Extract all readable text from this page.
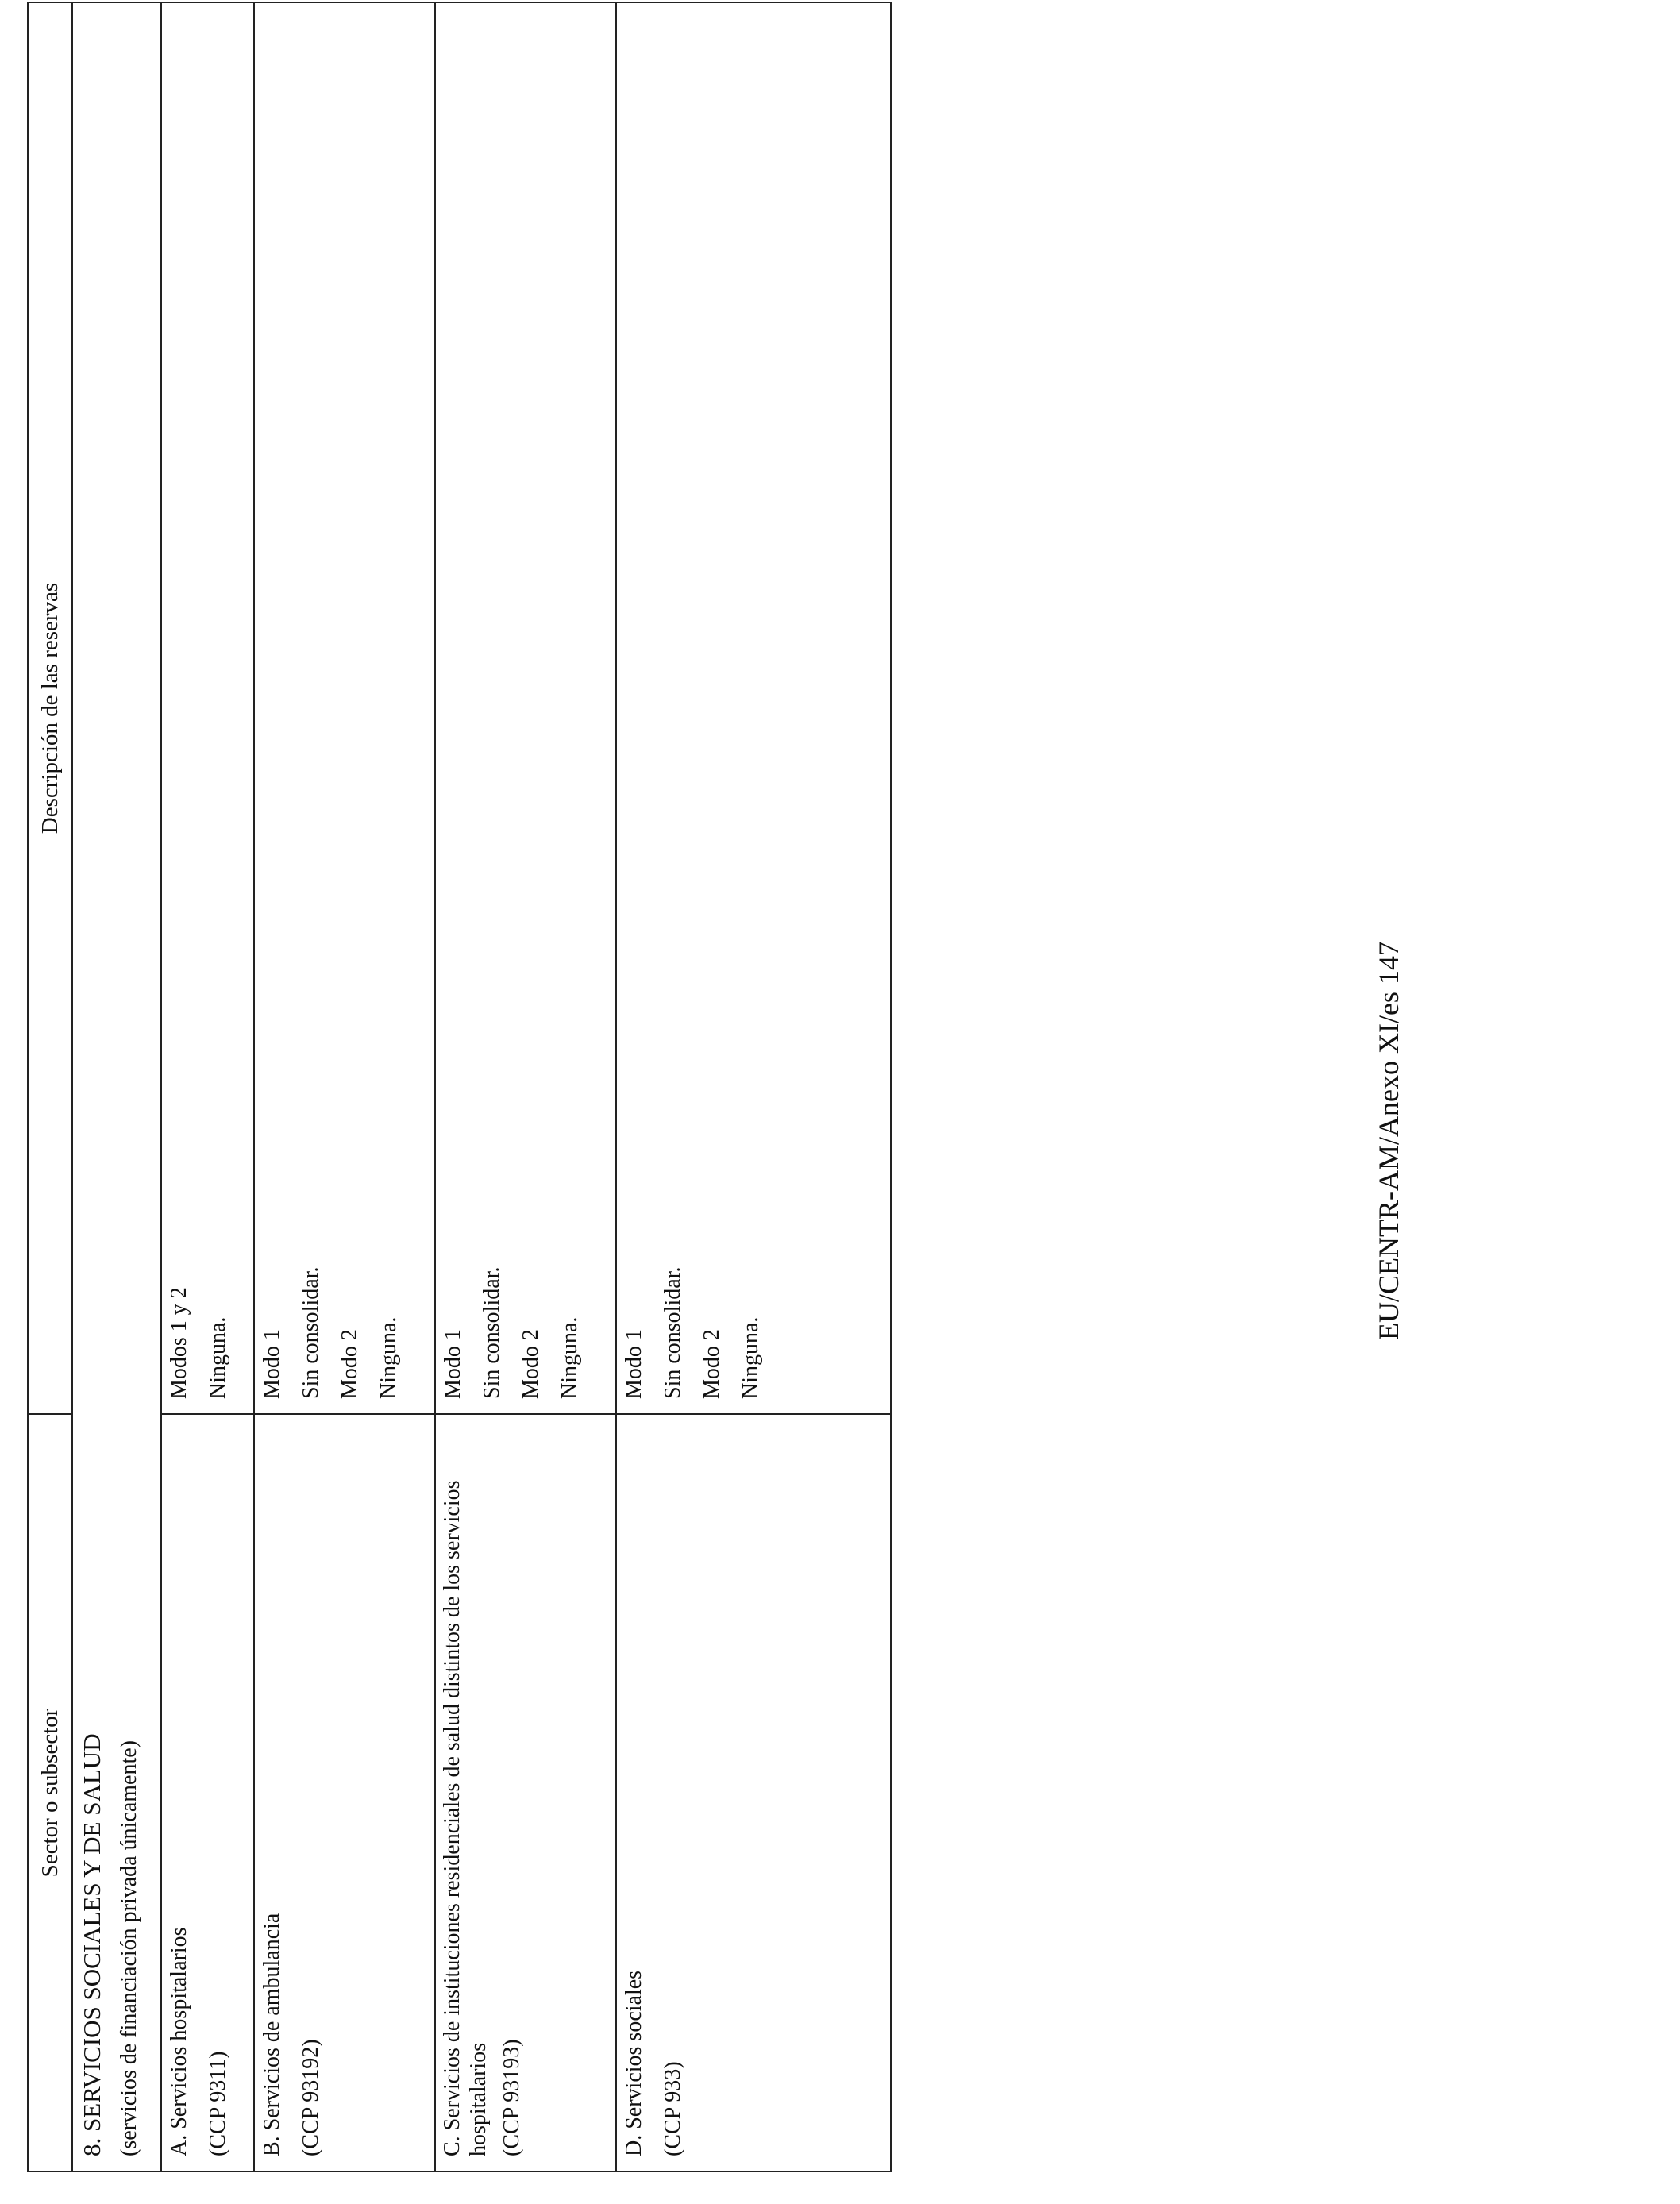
Sector o subsector	Descripción de las reservas

8. SERVICIOS SOCIALES Y DE SALUD (servicios de financiación privada únicamente)	

A. Servicios hospitalarios (CCP 9311)	Modos 1 y 2 Ninguna.

B. Servicios de ambulancia (CCP 93192)	Modo 1 Sin consolidar. Modo 2 Ninguna.

C. Servicios de instituciones residenciales de salud distintos de los servicios hospitalarios (CCP 93193)	Modo 1 Sin consolidar. Modo 2 Ninguna.

D. Servicios sociales (CCP 933)	Modo 1 Sin consolidar. Modo 2 Ninguna.
EU/CENTR-AM/Anexo XI/es 147
